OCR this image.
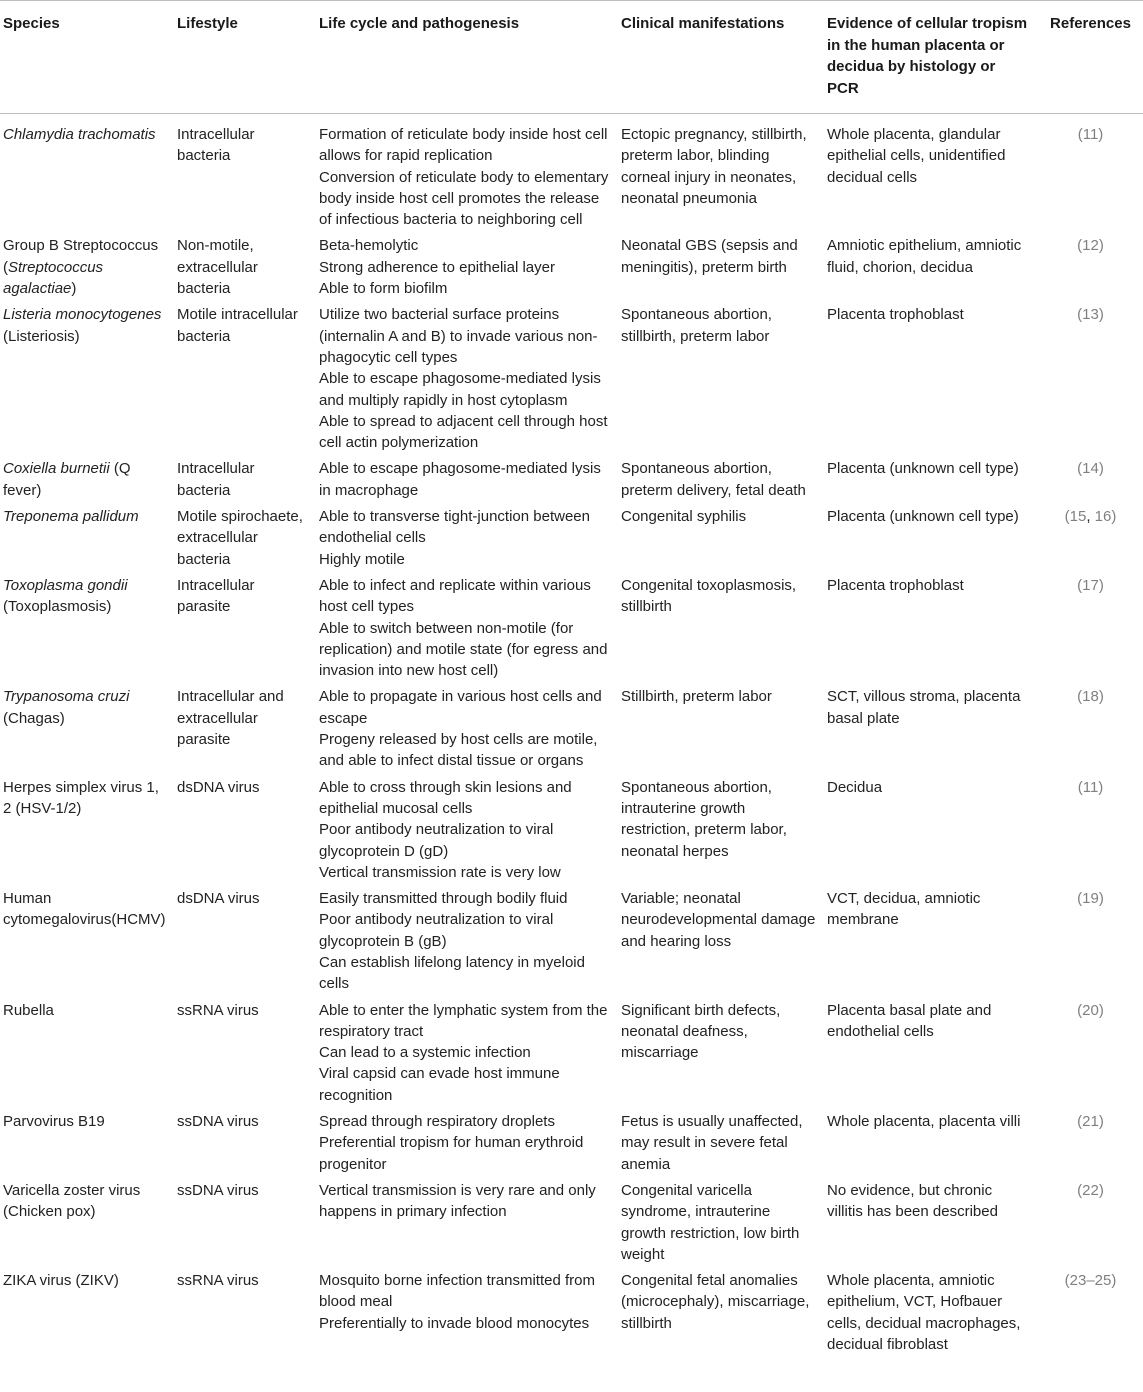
Species	Lifestyle	Life cycle and pathogenesis	Clinical manifestations	Evidence of cellular tropism in the human placenta or decidua by histology or PCR	References
Chlamydia trachomatis	Intracellular bacteria	Formation of reticulate body inside host cell allows for rapid replication
Conversion of reticulate body to elementary body inside host cell promotes the release of infectious bacteria to neighboring cell	Ectopic pregnancy, stillbirth, preterm labor, blinding corneal injury in neonates, neonatal pneumonia	Whole placenta, glandular epithelial cells, unidentified decidual cells	(11)
Group B Streptococcus (Streptococcus agalactiae)	Non-motile, extracellular bacteria	Beta-hemolytic
Strong adherence to epithelial layer
Able to form biofilm	Neonatal GBS (sepsis and meningitis), preterm birth	Amniotic epithelium, amniotic fluid, chorion, decidua	(12)

Listeria monocytogenes
(Listeriosis)	Motile intracellular bacteria	Utilize two bacterial surface proteins (internalin A and B) to invade various non-phagocytic cell types
Able to escape phagosome-mediated lysis and multiply rapidly in host cytoplasm
Able to spread to adjacent cell through host cell actin polymerization	Spontaneous abortion, stillbirth, preterm labor	Placenta trophoblast	(13)
Coxiella burnetii (Q fever)	Intracellular bacteria	Able to escape phagosome-mediated lysis in macrophage	Spontaneous abortion, preterm delivery, fetal death	Placenta (unknown cell type)	(14)
Treponema pallidum	Motile spirochaete, extracellular bacteria	Able to transverse tight-junction between endothelial cells
Highly motile	Congenital syphilis	Placenta (unknown cell type)	(15, 16)

Toxoplasma gondii
(Toxoplasmosis)	Intracellular parasite	Able to infect and replicate within various host cell types
Able to switch between non-motile (for replication) and motile state (for egress and invasion into new host cell)	Congenital toxoplasmosis, stillbirth	Placenta trophoblast	(17)

Trypanosoma cruzi
(Chagas)	Intracellular and extracellular parasite	Able to propagate in various host cells and escape
Progeny released by host cells are motile, and able to infect distal tissue or organs	Stillbirth, preterm labor	SCT, villous stroma, placenta basal plate	(18)
Herpes simplex virus 1, 2 (HSV-1/2)	dsDNA virus	Able to cross through skin lesions and epithelial mucosal cells
Poor antibody neutralization to viral glycoprotein D (gD)
Vertical transmission rate is very low	Spontaneous abortion, intrauterine growth restriction, preterm labor, neonatal herpes	Decidua	(11)
Human cytomegalovirus(HCMV)	dsDNA virus	Easily transmitted through bodily fluid
Poor antibody neutralization to viral glycoprotein B (gB)
Can establish lifelong latency in myeloid cells	Variable; neonatal neurodevelopmental damage and hearing loss	VCT, decidua, amniotic membrane	(19)
Rubella	ssRNA virus	Able to enter the lymphatic system from the respiratory tract
Can lead to a systemic infection
Viral capsid can evade host immune recognition	Significant birth defects, neonatal deafness, miscarriage	Placenta basal plate and endothelial cells	(20)
Parvovirus B19	ssDNA virus	Spread through respiratory droplets
Preferential tropism for human erythroid progenitor	Fetus is usually unaffected, may result in severe fetal anemia	Whole placenta, placenta villi	(21)
Varicella zoster virus (Chicken pox)	ssDNA virus	Vertical transmission is very rare and only happens in primary infection	Congenital varicella syndrome, intrauterine growth restriction, low birth weight	No evidence, but chronic villitis has been described	(22)
ZIKA virus (ZIKV)	ssRNA virus	Mosquito borne infection transmitted from blood meal
Preferentially to invade blood monocytes	Congenital fetal anomalies (microcephaly), miscarriage, stillbirth	Whole placenta, amniotic epithelium, VCT, Hofbauer cells, decidual macrophages, decidual fibroblast	(23–25)
